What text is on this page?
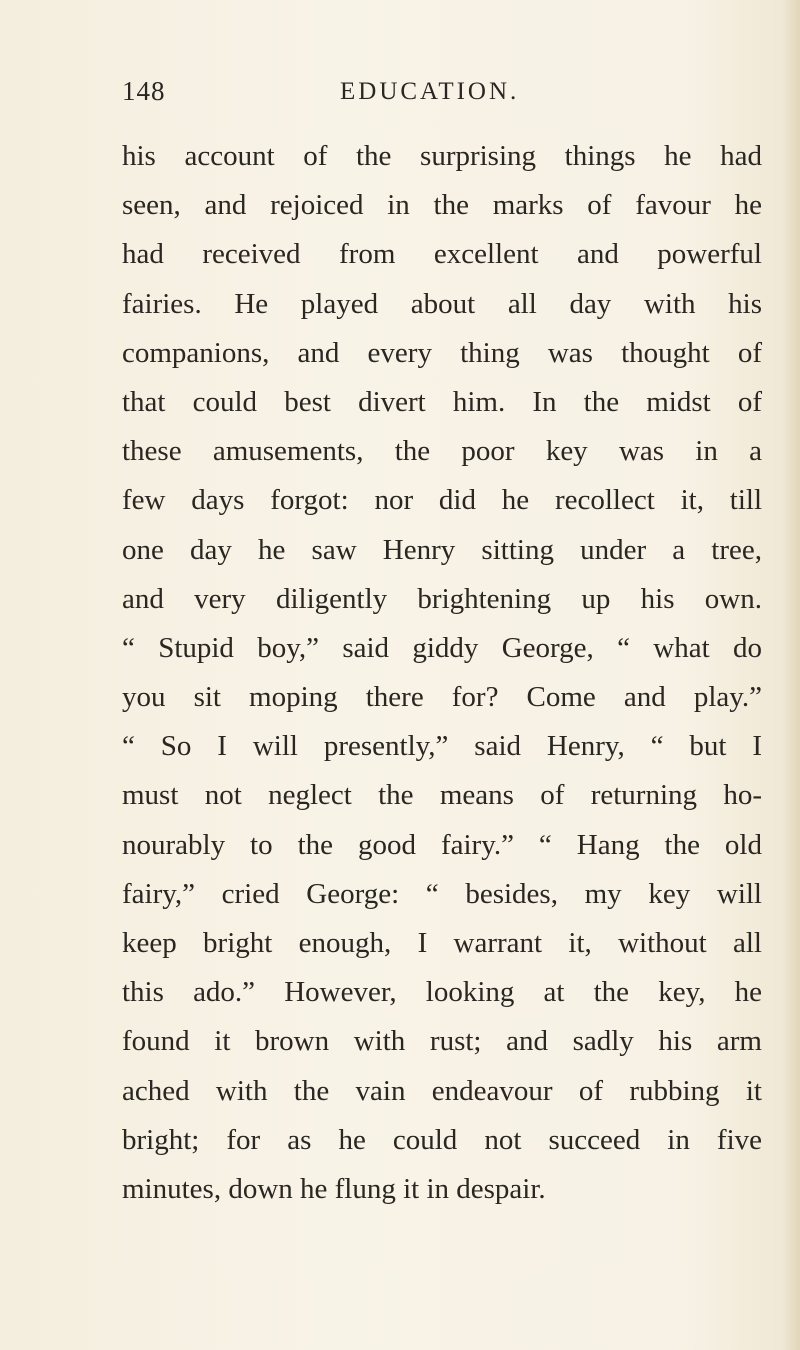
148	EDUCATION.
his account of the surprising things he had
seen, and rejoiced in the marks of favour he
had received from excellent and powerful
fairies. He played about all day with his
companions, and every thing was thought of
that could best divert him. In the midst of
these amusements, the poor key was in a
few days forgot: nor did he recollect it, till
one day he saw Henry sitting under a tree,
and very diligently brightening up his own.
“ Stupid boy,” said giddy George, “ what do
you sit moping there for? Come and play.”
“ So I will presently,” said Henry, “ but I
must not neglect the means of returning ho-
nourably to the good fairy.” “ Hang the old
fairy,” cried George: “ besides, my key will
keep bright enough, I warrant it, without all
this ado.” However, looking at the key, he
found it brown with rust; and sadly his arm
ached with the vain endeavour of rubbing it
bright; for as he could not succeed in five
minutes, down he flung it in despair.
